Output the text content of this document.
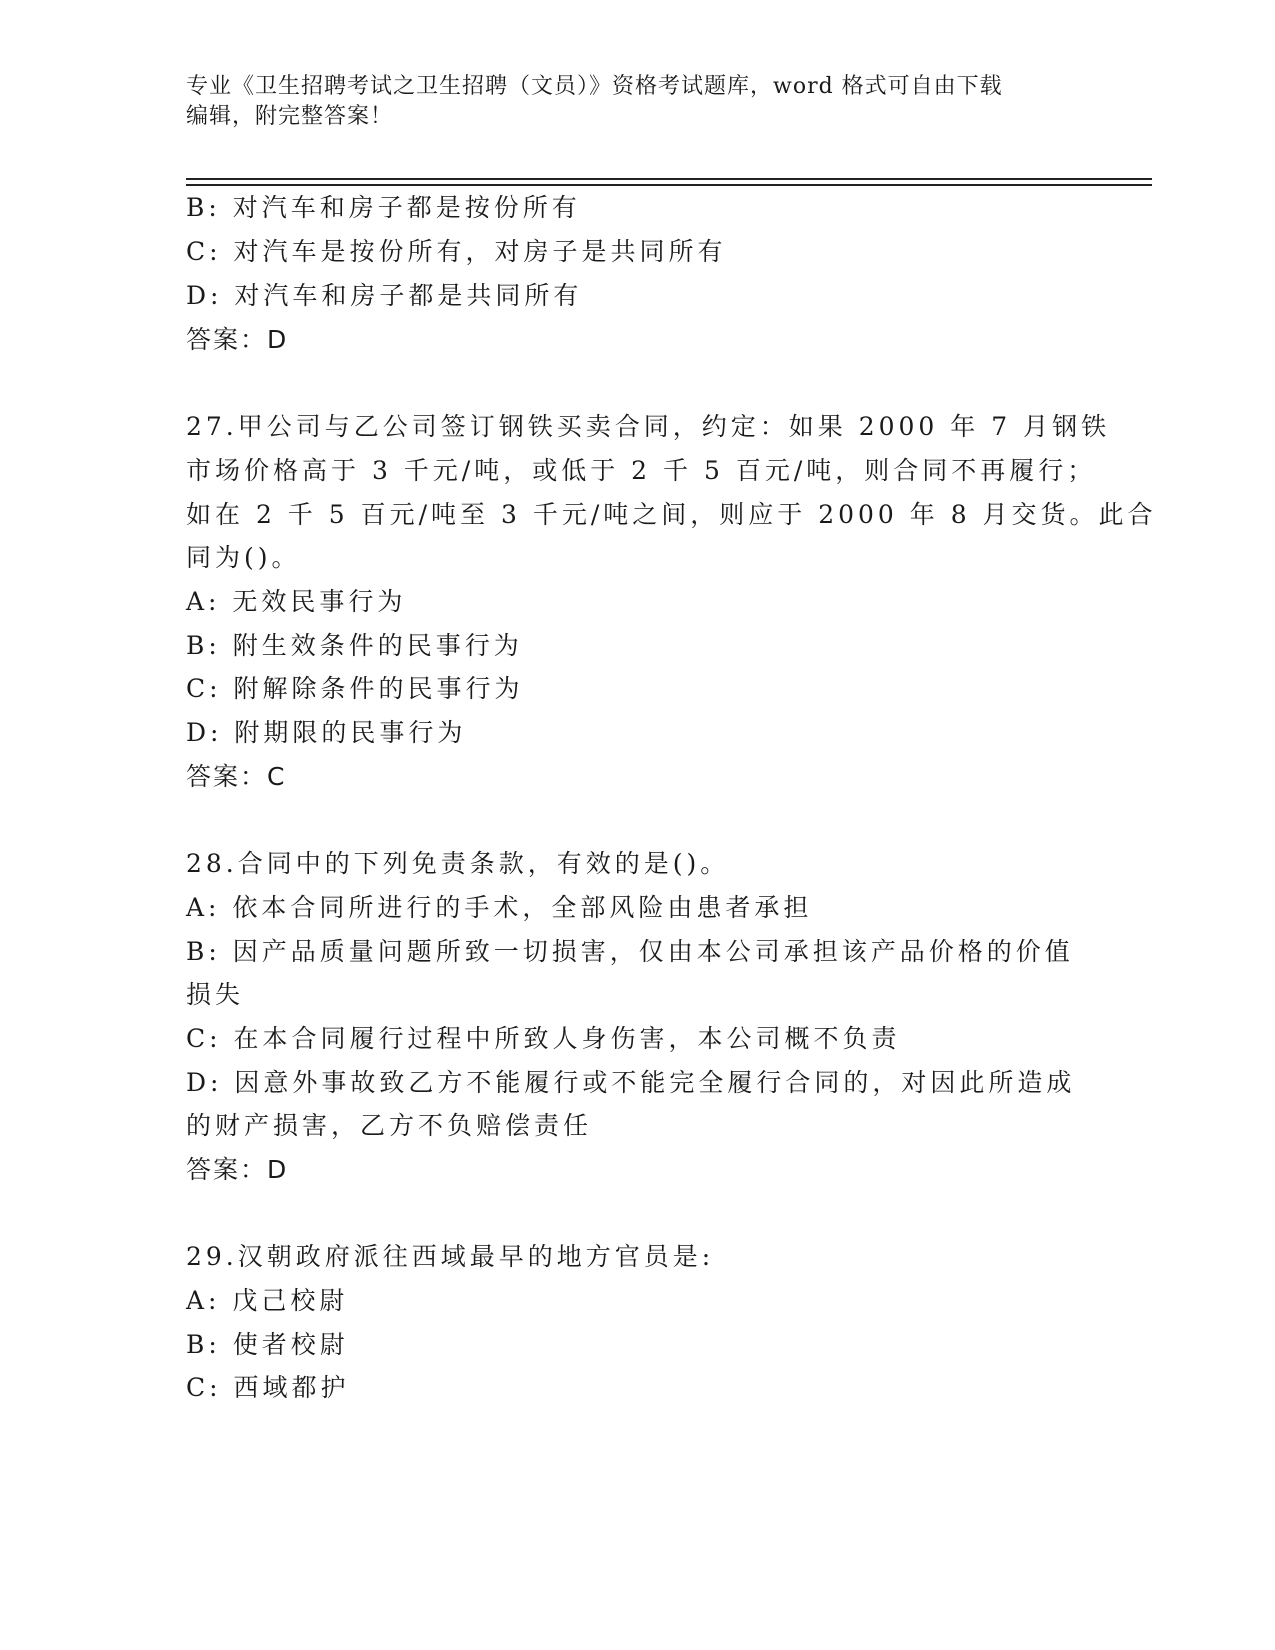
专业《卫生招聘考试之卫生招聘（文员）》资格考试题库，word 格式可自由下载
编辑，附完整答案！
B: 对汽车和房子都是按份所有
C: 对汽车是按份所有，对房子是共同所有
D: 对汽车和房子都是共同所有
答案：D
27.甲公司与乙公司签订钢铁买卖合同，约定：如果 2000 年 7 月钢铁
市场价格高于 3 千元/吨，或低于 2 千 5 百元/吨，则合同不再履行；
如在 2 千 5 百元/吨至 3 千元/吨之间，则应于 2000 年 8 月交货。此合
同为()。
A: 无效民事行为
B: 附生效条件的民事行为
C: 附解除条件的民事行为
D: 附期限的民事行为
答案：C
28.合同中的下列免责条款，有效的是()。
A: 依本合同所进行的手术，全部风险由患者承担
B: 因产品质量问题所致一切损害，仅由本公司承担该产品价格的价值
损失
C: 在本合同履行过程中所致人身伤害，本公司概不负责
D: 因意外事故致乙方不能履行或不能完全履行合同的，对因此所造成
的财产损害，乙方不负赔偿责任
答案：D
29.汉朝政府派往西域最早的地方官员是:
A: 戊己校尉
B: 使者校尉
C: 西域都护
